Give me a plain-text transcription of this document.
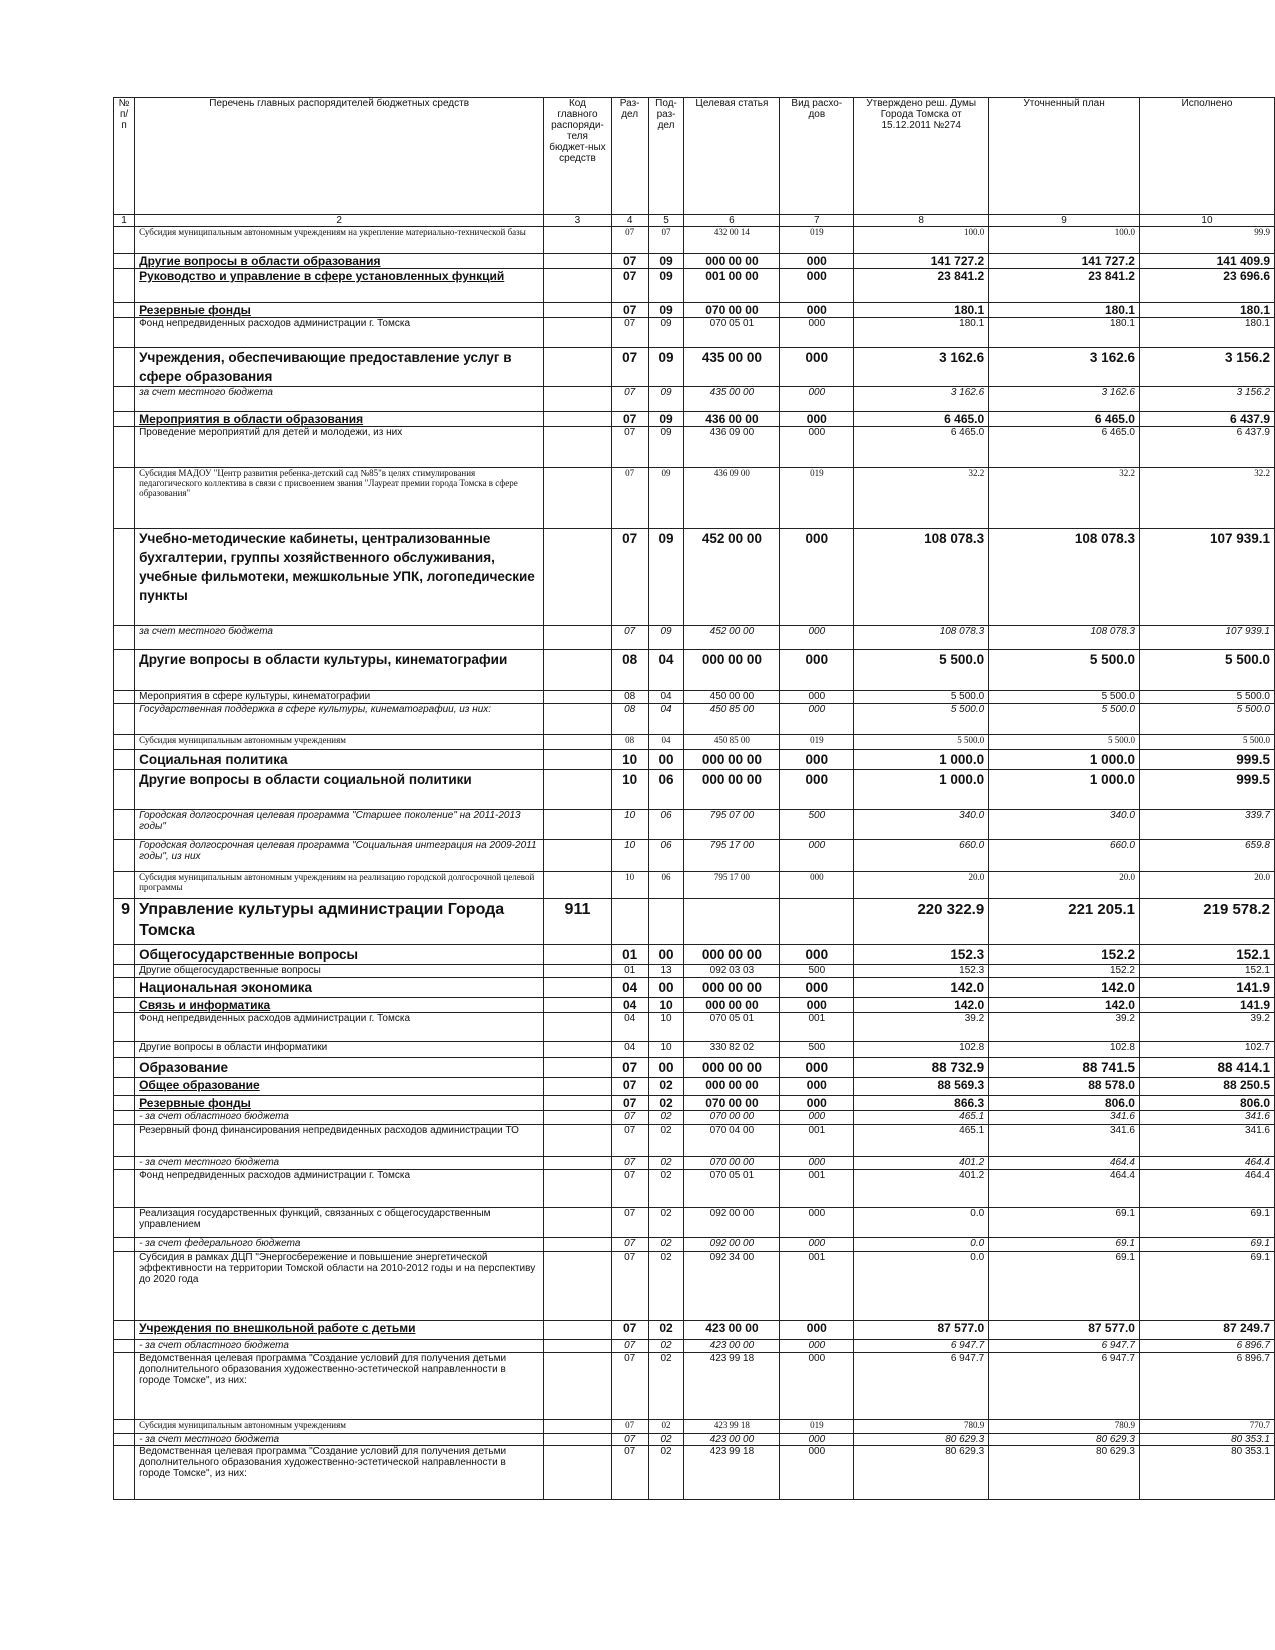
№ п/п	Перечень главных распорядителей бюджетных средств	Код главного распоряди-теля бюджет-ных средств	Раз-дел	Под-раз-дел	Целевая статья	Вид расхо-дов	Утверждено реш. Думы Города Томска от 15.12.2011 №274	Уточненный план	Исполнено
1	2	3	4	5	6	7	8	9	10
	Субсидия муниципальным автономным учреждениям на укрепление материально-технической базы		07	07	432 00 14	019	100.0	100.0	99.9
	Другие вопросы в области образования		07	09	000 00 00	000	141 727.2	141 727.2	141 409.9
	Руководство и управление в сфере установленных функций		07	09	001 00 00	000	23 841.2	23 841.2	23 696.6
	Резервные фонды		07	09	070 00 00	000	180.1	180.1	180.1
	Фонд непредвиденных расходов администрации г. Томска		07	09	070 05 01	000	180.1	180.1	180.1
	Учреждения, обеспечивающие предоставление услуг в сфере образования		07	09	435 00 00	000	3 162.6	3 162.6	3 156.2
	за счет местного бюджета		07	09	435 00 00	000	3 162.6	3 162.6	3 156.2
	Мероприятия в области образования		07	09	436 00 00	000	6 465.0	6 465.0	6 437.9
	Проведение мероприятий для детей и молодежи, из них		07	09	436 09 00	000	6 465.0	6 465.0	6 437.9
	Субсидия МАДОУ "Центр развития ребенка-детский сад №85"в целях стимулирования педагогического коллектива в связи с присвоением звания "Лауреат премии города Томска в сфере образования"		07	09	436 09 00	019	32.2	32.2	32.2
	Учебно-методические кабинеты, централизованные бухгалтерии, группы хозяйственного обслуживания, учебные фильмотеки, межшкольные УПК, логопедические пункты		07	09	452 00 00	000	108 078.3	108 078.3	107 939.1
	за счет местного бюджета		07	09	452 00 00	000	108 078.3	108 078.3	107 939.1
	Другие вопросы в области культуры, кинематографии		08	04	000 00 00	000	5 500.0	5 500.0	5 500.0
	Мероприятия в сфере культуры, кинематографии		08	04	450 00 00	000	5 500.0	5 500.0	5 500.0
	Государственная поддержка в сфере культуры, кинематографии, из них:		08	04	450 85 00	000	5 500.0	5 500.0	5 500.0
	Субсидия муниципальным автономным учреждениям		08	04	450 85 00	019	5 500.0	5 500.0	5 500.0
	Социальная политика		10	00	000 00 00	000	1 000.0	1 000.0	999.5
	Другие вопросы в области социальной политики		10	06	000 00 00	000	1 000.0	1 000.0	999.5
	Городская долгосрочная целевая программа "Старшее поколение" на 2011-2013 годы"		10	06	795 07 00	500	340.0	340.0	339.7
	Городская долгосрочная целевая программа "Социальная интеграция на 2009-2011 годы", из них		10	06	795 17 00	000	660.0	660.0	659.8
	Субсидия муниципальным автономным учреждениям на реализацию городской долгосрочной целевой программы		10	06	795 17 00	000	20.0	20.0	20.0
9	Управление культуры администрации Города Томска	911					220 322.9	221 205.1	219 578.2
	Общегосударственные вопросы		01	00	000 00 00	000	152.3	152.2	152.1
	Другие общегосударственные вопросы		01	13	092 03 03	500	152.3	152.2	152.1
	Национальная экономика		04	00	000 00 00	000	142.0	142.0	141.9
	Связь и информатика		04	10	000 00 00	000	142.0	142.0	141.9
	Фонд непредвиденных расходов администрации г. Томска		04	10	070 05 01	001	39.2	39.2	39.2
	Другие вопросы в области информатики		04	10	330 82 02	500	102.8	102.8	102.7
	Образование		07	00	000 00 00	000	88 732.9	88 741.5	88 414.1
	Общее образование		07	02	000 00 00	000	88 569.3	88 578.0	88 250.5
	Резервные фонды		07	02	070 00 00	000	866.3	806.0	806.0
	- за счет областного бюджета		07	02	070 00 00	000	465.1	341.6	341.6
	Резервный фонд финансирования непредвиденных расходов администрации ТО		07	02	070 04 00	001	465.1	341.6	341.6
	- за счет местного бюджета		07	02	070 00 00	000	401.2	464.4	464.4
	Фонд непредвиденных расходов администрации г. Томска		07	02	070 05 01	001	401.2	464.4	464.4
	Реализация государственных функций, связанных с общегосударственным управлением		07	02	092 00 00	000	0.0	69.1	69.1
	- за счет федерального бюджета		07	02	092 00 00	000	0.0	69.1	69.1
	Субсидия в рамках ДЦП "Энергосбережение и повышение энергетической эффективности на территории Томской области на 2010-2012 годы и на перспективу до 2020 года		07	02	092 34 00	001	0.0	69.1	69.1
	Учреждения по внешкольной работе с детьми		07	02	423 00 00	000	87 577.0	87 577.0	87 249.7
	- за счет областного бюджета		07	02	423 00 00	000	6 947.7	6 947.7	6 896.7
	Ведомственная целевая программа "Создание условий для получения детьми дополнительного образования художественно-эстетической направленности в городе Томске", из них:		07	02	423 99 18	000	6 947.7	6 947.7	6 896.7
	Субсидия муниципальным автономным учреждениям		07	02	423 99 18	019	780.9	780.9	770.7
	- за счет местного бюджета		07	02	423 00 00	000	80 629.3	80 629.3	80 353.1
	Ведомственная целевая программа "Создание условий для получения детьми дополнительного образования художественно-эстетической направленности в городе Томске", из них:		07	02	423 99 18	000	80 629.3	80 629.3	80 353.1
